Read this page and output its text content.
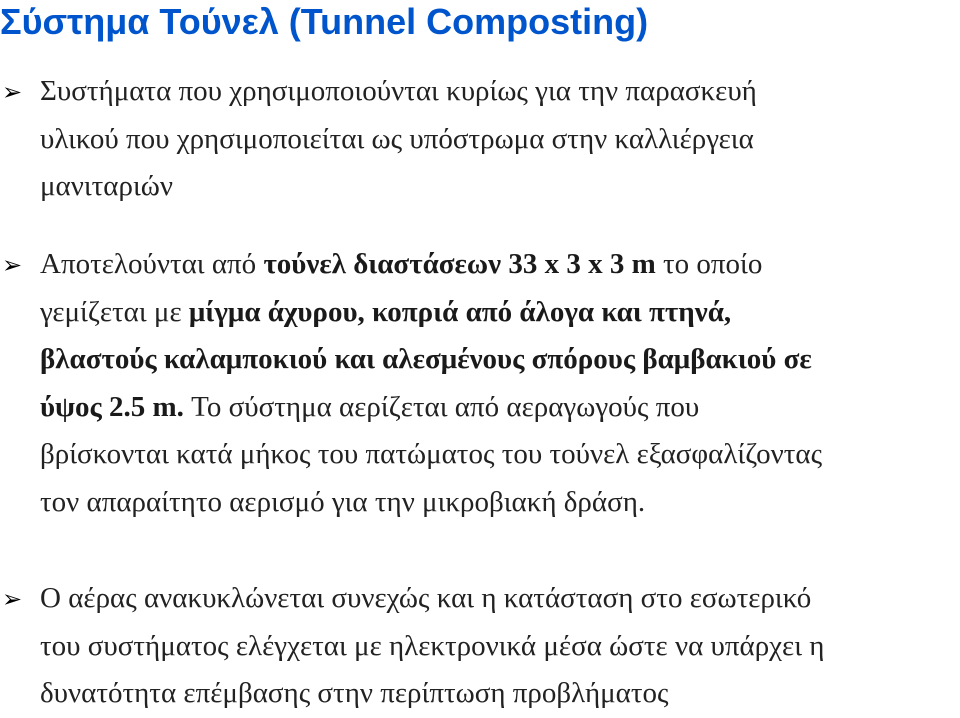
Σύστημα Τούνελ (Tunnel Composting)
➢ Συστήματα που χρησιμοποιούνται κυρίως για την παρασκευή
υλικού που χρησιμοποιείται ως υπόστρωμα στην καλλιέργεια
μανιταριών
➢ Αποτελούνται από τούνελ διαστάσεων 33 x 3 x 3 m το οποίο
γεμίζεται με μίγμα άχυρου, κοπριά από άλογα και πτηνά,
βλαστούς καλαμποκιού και αλεσμένους σπόρους βαμβακιού σε
ύψος 2.5 m. Το σύστημα αερίζεται από αεραγωγούς που
βρίσκονται κατά μήκος του πατώματος του τούνελ εξασφαλίζοντας
τον απαραίτητο αερισμό για την μικροβιακή δράση.
➢ Ο αέρας ανακυκλώνεται συνεχώς και η κατάσταση στο εσωτερικό
του συστήματος ελέγχεται με ηλεκτρονικά μέσα ώστε να υπάρχει η
δυνατότητα επέμβασης στην περίπτωση προβλήματος
